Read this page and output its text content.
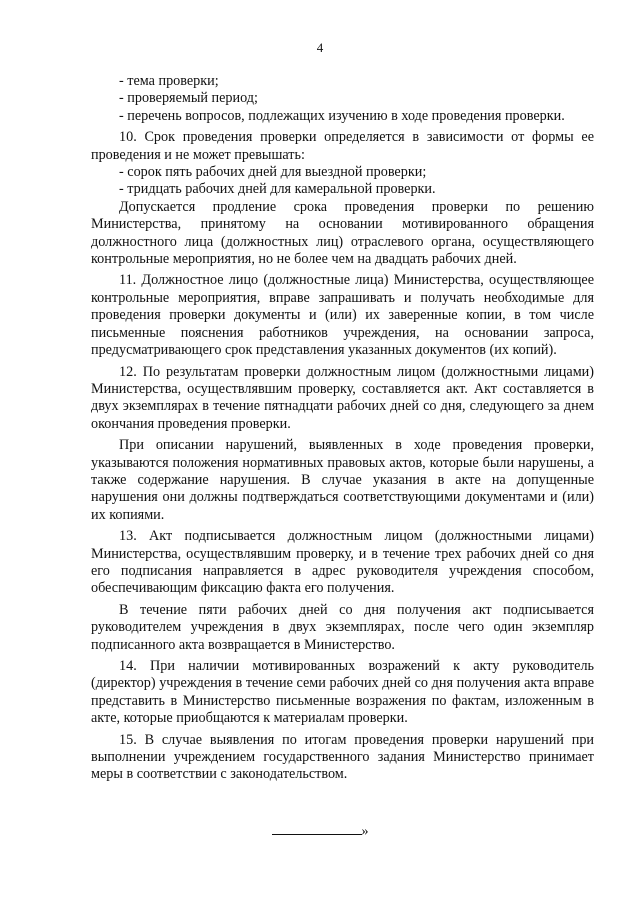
4

- тема проверки;

- проверяемый период;

- перечень вопросов, подлежащих изучению в ходе проведения проверки.

10. Срок проведения проверки определяется в зависимости от формы ее проведения и не может превышать:

- сорок пять рабочих дней для выездной проверки;

- тридцать рабочих дней для камеральной проверки.

Допускается продление срока проведения проверки по решению Министерства, принятому на основании мотивированного обращения должностного лица (должностных лиц) отраслевого органа, осуществляющего контрольные мероприятия, но не более чем на двадцать рабочих дней.

11. Должностное лицо (должностные лица) Министерства, осуществляющее контрольные мероприятия, вправе запрашивать и получать необходимые для проведения проверки документы и (или) их заверенные копии, в том числе письменные пояснения работников учреждения, на основании запроса, предусматривающего срок представления указанных документов (их копий).

12. По результатам проверки должностным лицом (должностными лицами) Министерства, осуществлявшим проверку, составляется акт. Акт составляется в двух экземплярах в течение пятнадцати рабочих дней со дня, следующего за днем окончания проведения проверки.

При описании нарушений, выявленных в ходе проведения проверки, указываются положения нормативных правовых актов, которые были нарушены, а также содержание нарушения. В случае указания в акте на допущенные нарушения они должны подтверждаться соответствующими документами и (или) их копиями.

13. Акт подписывается должностным лицом (должностными лицами) Министерства, осуществлявшим проверку, и в течение трех рабочих дней со дня его подписания направляется в адрес руководителя учреждения способом, обеспечивающим фиксацию факта его получения.

В течение пяти рабочих дней со дня получения акт подписывается руководителем учреждения в двух экземплярах, после чего один экземпляр подписанного акта возвращается в Министерство.

14. При наличии мотивированных возражений к акту руководитель (директор) учреждения в течение семи рабочих дней со дня получения акта вправе представить в Министерство письменные возражения по фактам, изложенным в акте, которые приобщаются к материалам проверки.

15. В случае выявления по итогам проведения проверки нарушений при выполнении учреждением государственного задания Министерство принимает меры в соответствии с законодательством.

»
